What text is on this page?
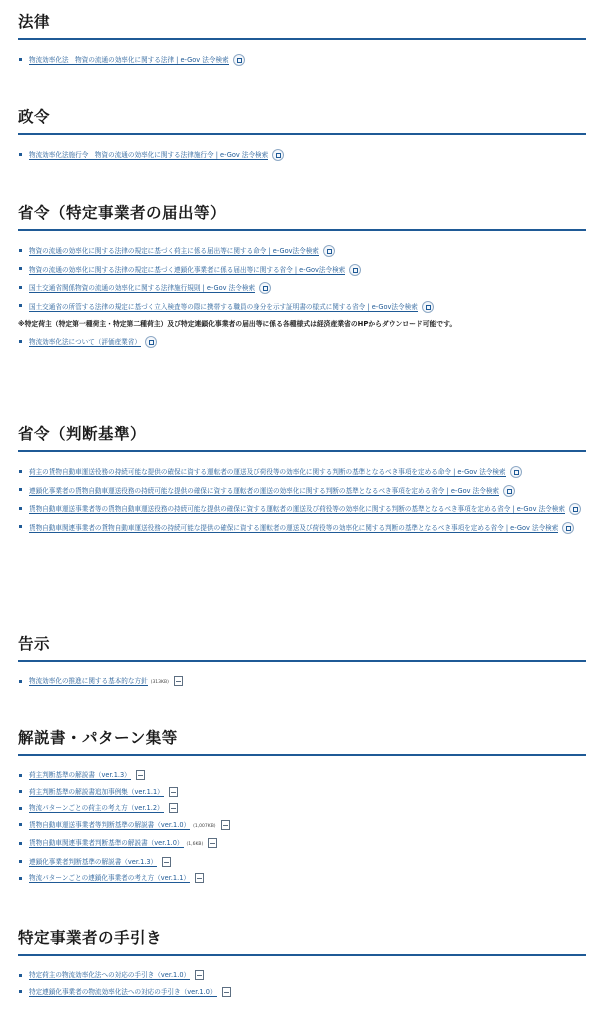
法律
物流効率化法　物資の流通の効率化に関する法律 | e-Gov 法令検索
政令
物流効率化法施行令　物資の流通の効率化に関する法律施行令 | e-Gov 法令検索
省令（特定事業者の届出等）
物資の流通の効率化に関する法律の規定に基づく荷主に係る届出等に関する命令 | e-Gov法令検索
物資の流通の効率化に関する法律の規定に基づく連鎖化事業者に係る届出等に関する省令 | e-Gov法令検索
国土交通省関係物資の流通の効率化に関する法律施行規則 | e-Gov 法令検索
国土交通省の所管する法律の規定に基づく立入検査等の際に携帯する職員の身分を示す証明書の様式に関する省令 | e-Gov法令検索
※特定荷主（特定第一種荷主・特定第二種荷主）及び特定連鎖化事業者の届出等に係る各種様式は経済産業省のHPからダウンロード可能です。
物流効率化法について（評価産業省）
省令（判断基準）
荷主の貨物自動車運送役務の持続可能な提供の確保に資する運転者の運送及び荷役等の効率化に関する判断の基準となるべき事項を定める命令 | e-Gov 法令検索
連鎖化事業者の貨物自動車運送役務の持続可能な提供の確保に資する運転者の運送の効率化に関する判断の基準となるべき事項を定める省令 | e-Gov 法令検索
貨物自動車運送事業者等の貨物自動車運送役務の持続可能な提供の確保に資する運転者の運送及び荷役等の効率化に関する判断の基準となるべき事項を定める省令 | e-Gov 法令検索
貨物自動車関連事業者の貨物自動車運送役務の持続可能な提供の確保に資する運転者の運送及び荷役等の効率化に関する判断の基準となるべき事項を定める省令 | e-Gov 法令検索
告示
物流効率化の推進に関する基本的な方針 (313KB)
解説書・パターン集等
荷主判断基準の解説書（ver.1.3）
荷主判断基準の解説書追加事例集（ver.1.1）
物流パターンごとの荷主の考え方（ver.1.2）
貨物自動車運送事業者等判断基準の解説書（ver.1.0） (1,007KB)
貨物自動車関連事業者判断基準の解説書（ver.1.0） (1,6KB)
連鎖化事業者判断基準の解説書（ver.1.3）
物流パターンごとの連鎖化事業者の考え方（ver.1.1）
特定事業者の手引き
特定荷主の物流効率化法への対応の手引き（ver.1.0）
特定連鎖化事業者の物流効率化法への対応の手引き（ver.1.0）
